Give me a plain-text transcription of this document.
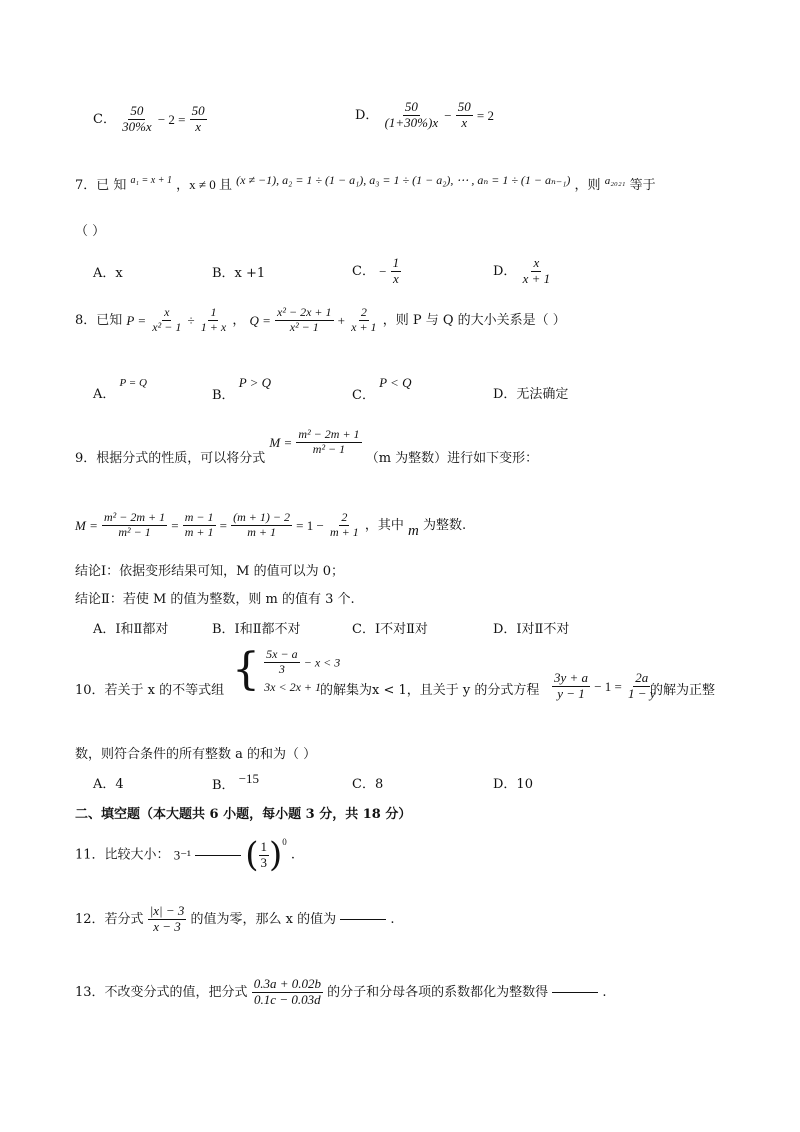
C． $\frac{50}{30\%x} - 2 = \frac{50}{x}$	D． $\frac{50}{(1+30\%)x} - \frac{50}{x} = 2$
7．已 知 $^{a_1 = x + 1}$ ，x ≠ 0 且 (x ≠ −1), a₂ = 1 ÷ (1 − a₁), a₃ = 1 ÷ (1 − a₂), ⋯ , aₙ = 1 ÷ (1 − aₙ₋₁) ，则 $^{a_{2021}}$ 等于
（ ）
A．x	B．x +1	C． − $\frac{1}{x}$	D． $\frac{x}{x + 1}$
8．已知 $P = \frac{x}{\text{x² − 1}} \div \frac{1}{1 + x}$ ， $Q = \frac{\text{x² − 2x + 1}}{\text{x² − 1}} + \frac{2}{x + 1}$ ，则 P 与 Q 的大小关系是（ ）
A． P = Q
B． P > Q
C． P < Q
D．无法确定
9．根据分式的性质，可以将分式 $M = \frac{\text{m² − 2m + 1}}{\text{m² − 1}}$
（m 为整数）进行如下变形：
$M = \frac{\text{m² − 2m + 1}}{\text{m² − 1}} = \frac{m - 1}{m + 1} = \frac{(m + 1) - 2}{m + 1} = 1 - \frac{2}{m + 1}$ ，其中 m 为整数.
结论Ⅰ：依据变形结果可知，M 的值可以为 0；
结论Ⅱ：若使 M 的值为整数，则 m 的值有 3 个.
A．Ⅰ和Ⅱ都对	B．Ⅰ和Ⅱ都不对	C．Ⅰ不对Ⅱ对	D．Ⅰ对Ⅱ不对
10．若关于 x 的不等式组 { $\frac{5x - a}{3} - x < 3$
3x < 2x + 1 的解集为x < 1，且关于 y 的分式方程 $\frac{3y + a}{y - 1} - 1 = \frac{2a}{1 - y}$
的解为正整
数，则符合条件的所有整数 a 的和为（ ）
A．4	B． −15	C．8	D．10
二、填空题（本大题共 6 小题，每小题 3 分，共 18 分）
11．比较大小： 3⁻¹ ( $\frac{1}{3} )^0$ .
12．若分式 $\frac{|x| - 3}{x - 3}$ 的值为零，那么 x 的值为	.
13．不改变分式的值，把分式 $\frac{0.3a + 0.02b}{0.1c - 0.03d}$ 的分子和分母各项的系数都化为整数得	.
